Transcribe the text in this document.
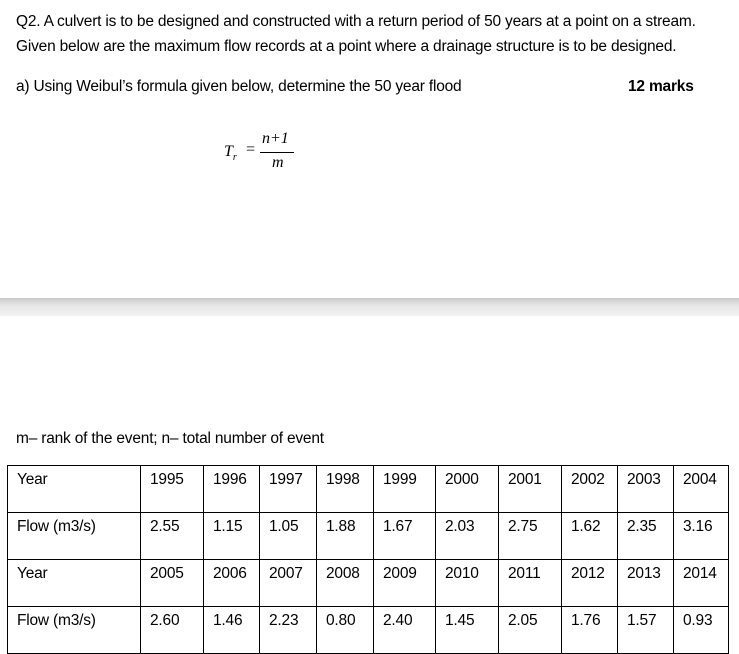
Q2. A culvert is to be designed and constructed with a return period of 50 years at a point on a stream.
Given below are the maximum flow records at a point where a drainage structure is to be designed.
a) Using Weibul’s formula given below, determine the 50 year flood	12 marks
$T_r$ =
n+1
m
m– rank of the event; n– total number of event
Year	1995	1996	1997	1998	1999	2000	2001	2002	2003	2004
Flow (m3/s)	2.55	1.15	1.05	1.88	1.67	2.03	2.75	1.62	2.35	3.16
Year	2005	2006	2007	2008	2009	2010	2011	2012	2013	2014
Flow (m3/s)	2.60	1.46	2.23	0.80	2.40	1.45	2.05	1.76	1.57	0.93
